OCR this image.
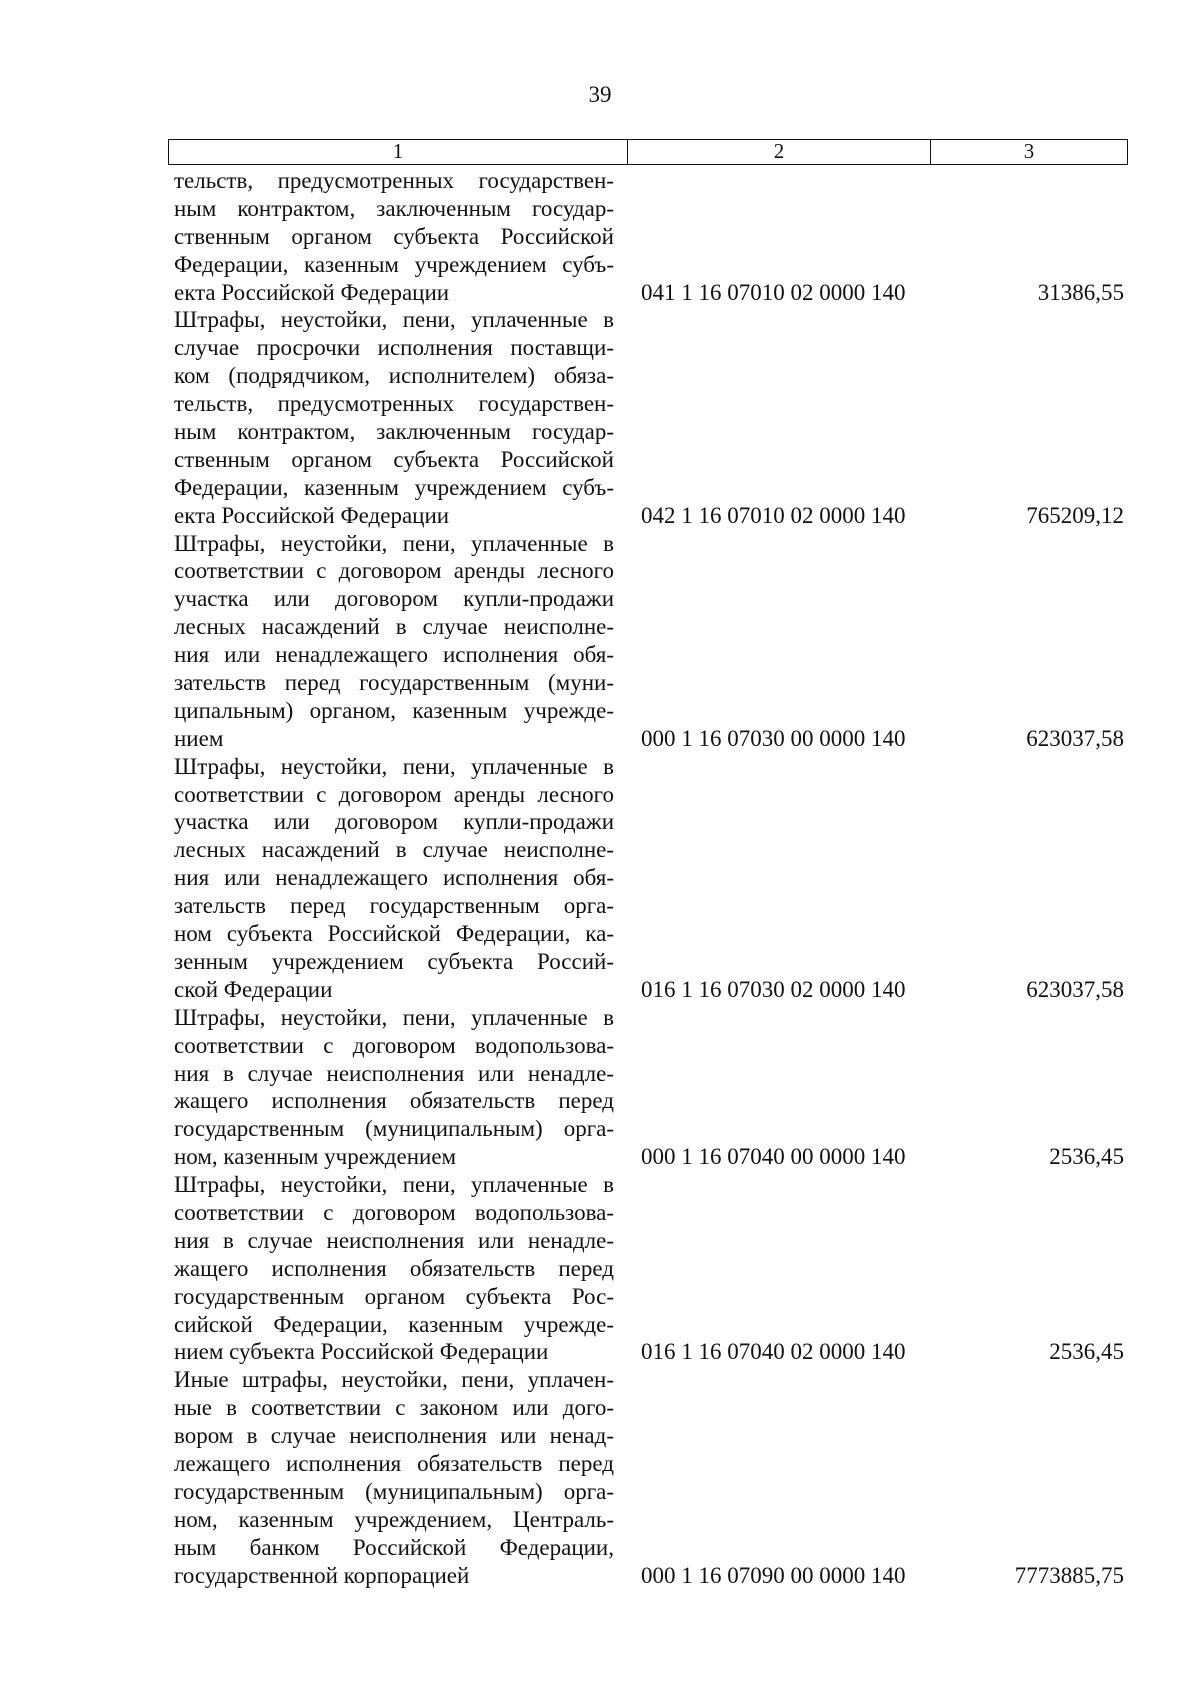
39
1	2	3
тельств, предусмотренных государствен-
ным контрактом, заключенным государ-
ственным органом субъекта Российской
Федерации, казенным учреждением субъ-
екта Российской Федерации	041 1 16 07010 02 0000 140	31386,55
Штрафы, неустойки, пени, уплаченные в
случае просрочки исполнения поставщи-
ком (подрядчиком, исполнителем) обяза-
тельств, предусмотренных государствен-
ным контрактом, заключенным государ-
ственным органом субъекта Российской
Федерации, казенным учреждением субъ-
екта Российской Федерации	042 1 16 07010 02 0000 140	765209,12
Штрафы, неустойки, пени, уплаченные в
соответствии с договором аренды лесного
участка или договором купли-продажи
лесных насаждений в случае неисполне-
ния или ненадлежащего исполнения обя-
зательств перед государственным (муни-
ципальным) органом, казенным учрежде-
нием	000 1 16 07030 00 0000 140	623037,58
Штрафы, неустойки, пени, уплаченные в
соответствии с договором аренды лесного
участка или договором купли-продажи
лесных насаждений в случае неисполне-
ния или ненадлежащего исполнения обя-
зательств перед государственным орга-
ном субъекта Российской Федерации, ка-
зенным учреждением субъекта Россий-
ской Федерации	016 1 16 07030 02 0000 140	623037,58
Штрафы, неустойки, пени, уплаченные в
соответствии с договором водопользова-
ния в случае неисполнения или ненадле-
жащего исполнения обязательств перед
государственным (муниципальным) орга-
ном, казенным учреждением	000 1 16 07040 00 0000 140	2536,45
Штрафы, неустойки, пени, уплаченные в
соответствии с договором водопользова-
ния в случае неисполнения или ненадле-
жащего исполнения обязательств перед
государственным органом субъекта Рос-
сийской Федерации, казенным учрежде-
нием субъекта Российской Федерации	016 1 16 07040 02 0000 140	2536,45
Иные штрафы, неустойки, пени, уплачен-
ные в соответствии с законом или дого-
вором в случае неисполнения или ненад-
лежащего исполнения обязательств перед
государственным (муниципальным) орга-
ном, казенным учреждением, Централь-
ным банком Российской Федерации,
государственной корпорацией	000 1 16 07090 00 0000 140	7773885,75
